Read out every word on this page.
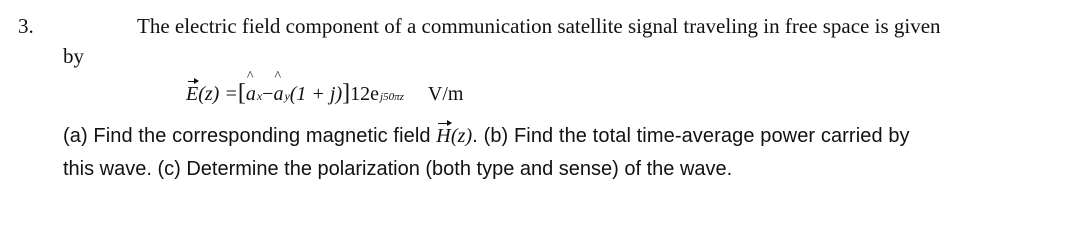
3.	The electric field component of a communication satellite signal traveling in free space is given
by
E (z) = [ ^ a x − ^ a y (1 + j) ] 12e j50πz V/m
(a) Find the corresponding magnetic field H(z). (b) Find the total time-average power carried by
this wave. (c) Determine the polarization (both type and sense) of the wave.
